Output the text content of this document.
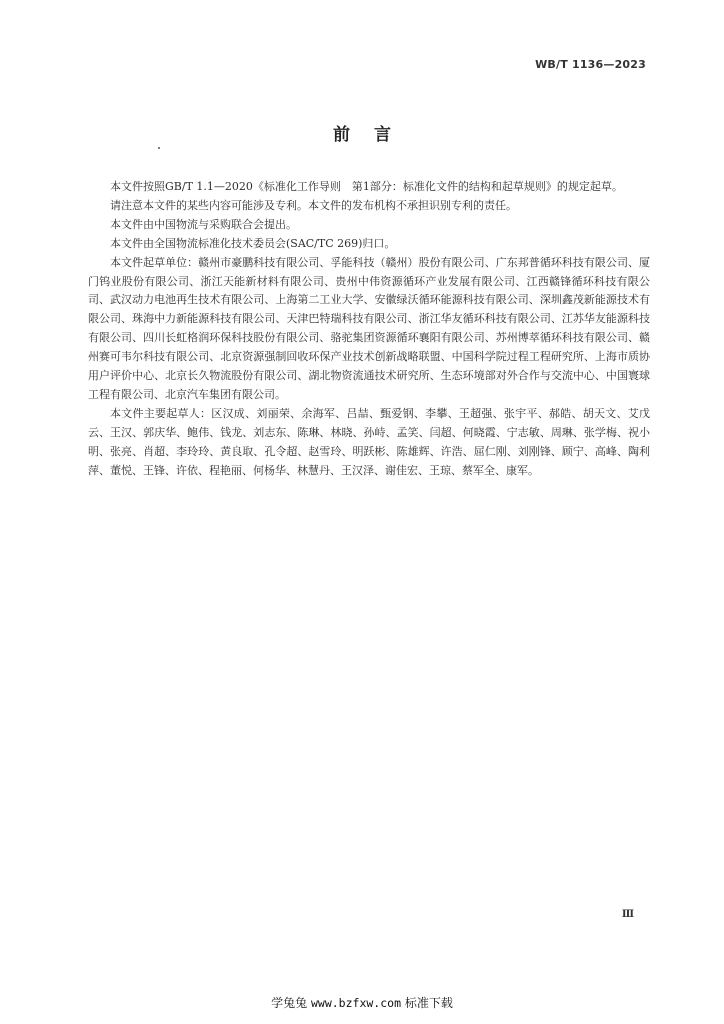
WB/T 1136—2023
前言

本文件按照GB/T 1.1—2020《标准化工作导则　第1部分：标准化文件的结构和起草规则》的规定起草。

请注意本文件的某些内容可能涉及专利。本文件的发布机构不承担识别专利的责任。

本文件由中国物流与采购联合会提出。

本文件由全国物流标准化技术委员会(SAC/TC 269)归口。

本文件起草单位：赣州市豪鹏科技有限公司、孚能科技（赣州）股份有限公司、广东邦普循环科技有限公司、厦门钨业股份有限公司、浙江天能新材料有限公司、贵州中伟资源循环产业发展有限公司、江西赣锋循环科技有限公司、武汉动力电池再生技术有限公司、上海第二工业大学、安徽绿沃循环能源科技有限公司、深圳鑫茂新能源技术有限公司、珠海中力新能源科技有限公司、天津巴特瑞科技有限公司、浙江华友循环科技有限公司、江苏华友能源科技有限公司、四川长虹格润环保科技股份有限公司、骆驼集团资源循环襄阳有限公司、苏州博萃循环科技有限公司、赣州赛可韦尔科技有限公司、北京资源强制回收环保产业技术创新战略联盟、中国科学院过程工程研究所、上海市质协用户评价中心、北京长久物流股份有限公司、湖北物资流通技术研究所、生态环境部对外合作与交流中心、中国寰球工程有限公司、北京汽车集团有限公司。

本文件主要起草人：区汉成、刘丽荣、余海军、吕喆、甄爱钢、李攀、王超强、张宇平、郝皓、胡天文、艾戊云、王汉、郭庆华、鲍伟、钱龙、刘志东、陈琳、林晓、孙峙、孟笑、闫超、何晓霞、宁志敏、周琳、张学梅、祝小明、张亮、肖超、李玲玲、黄良取、孔令超、赵雪玲、明跃彬、陈雄辉、许浩、屈仁刚、刘刚锋、顾宁、高峰、陶利萍、董悦、王锋、许依、程艳丽、何杨华、林慧丹、王汉泽、谢佳宏、王琼、蔡军全、康军。

Ⅲ
学兔兔 www.bzfxw.com 标准下载
